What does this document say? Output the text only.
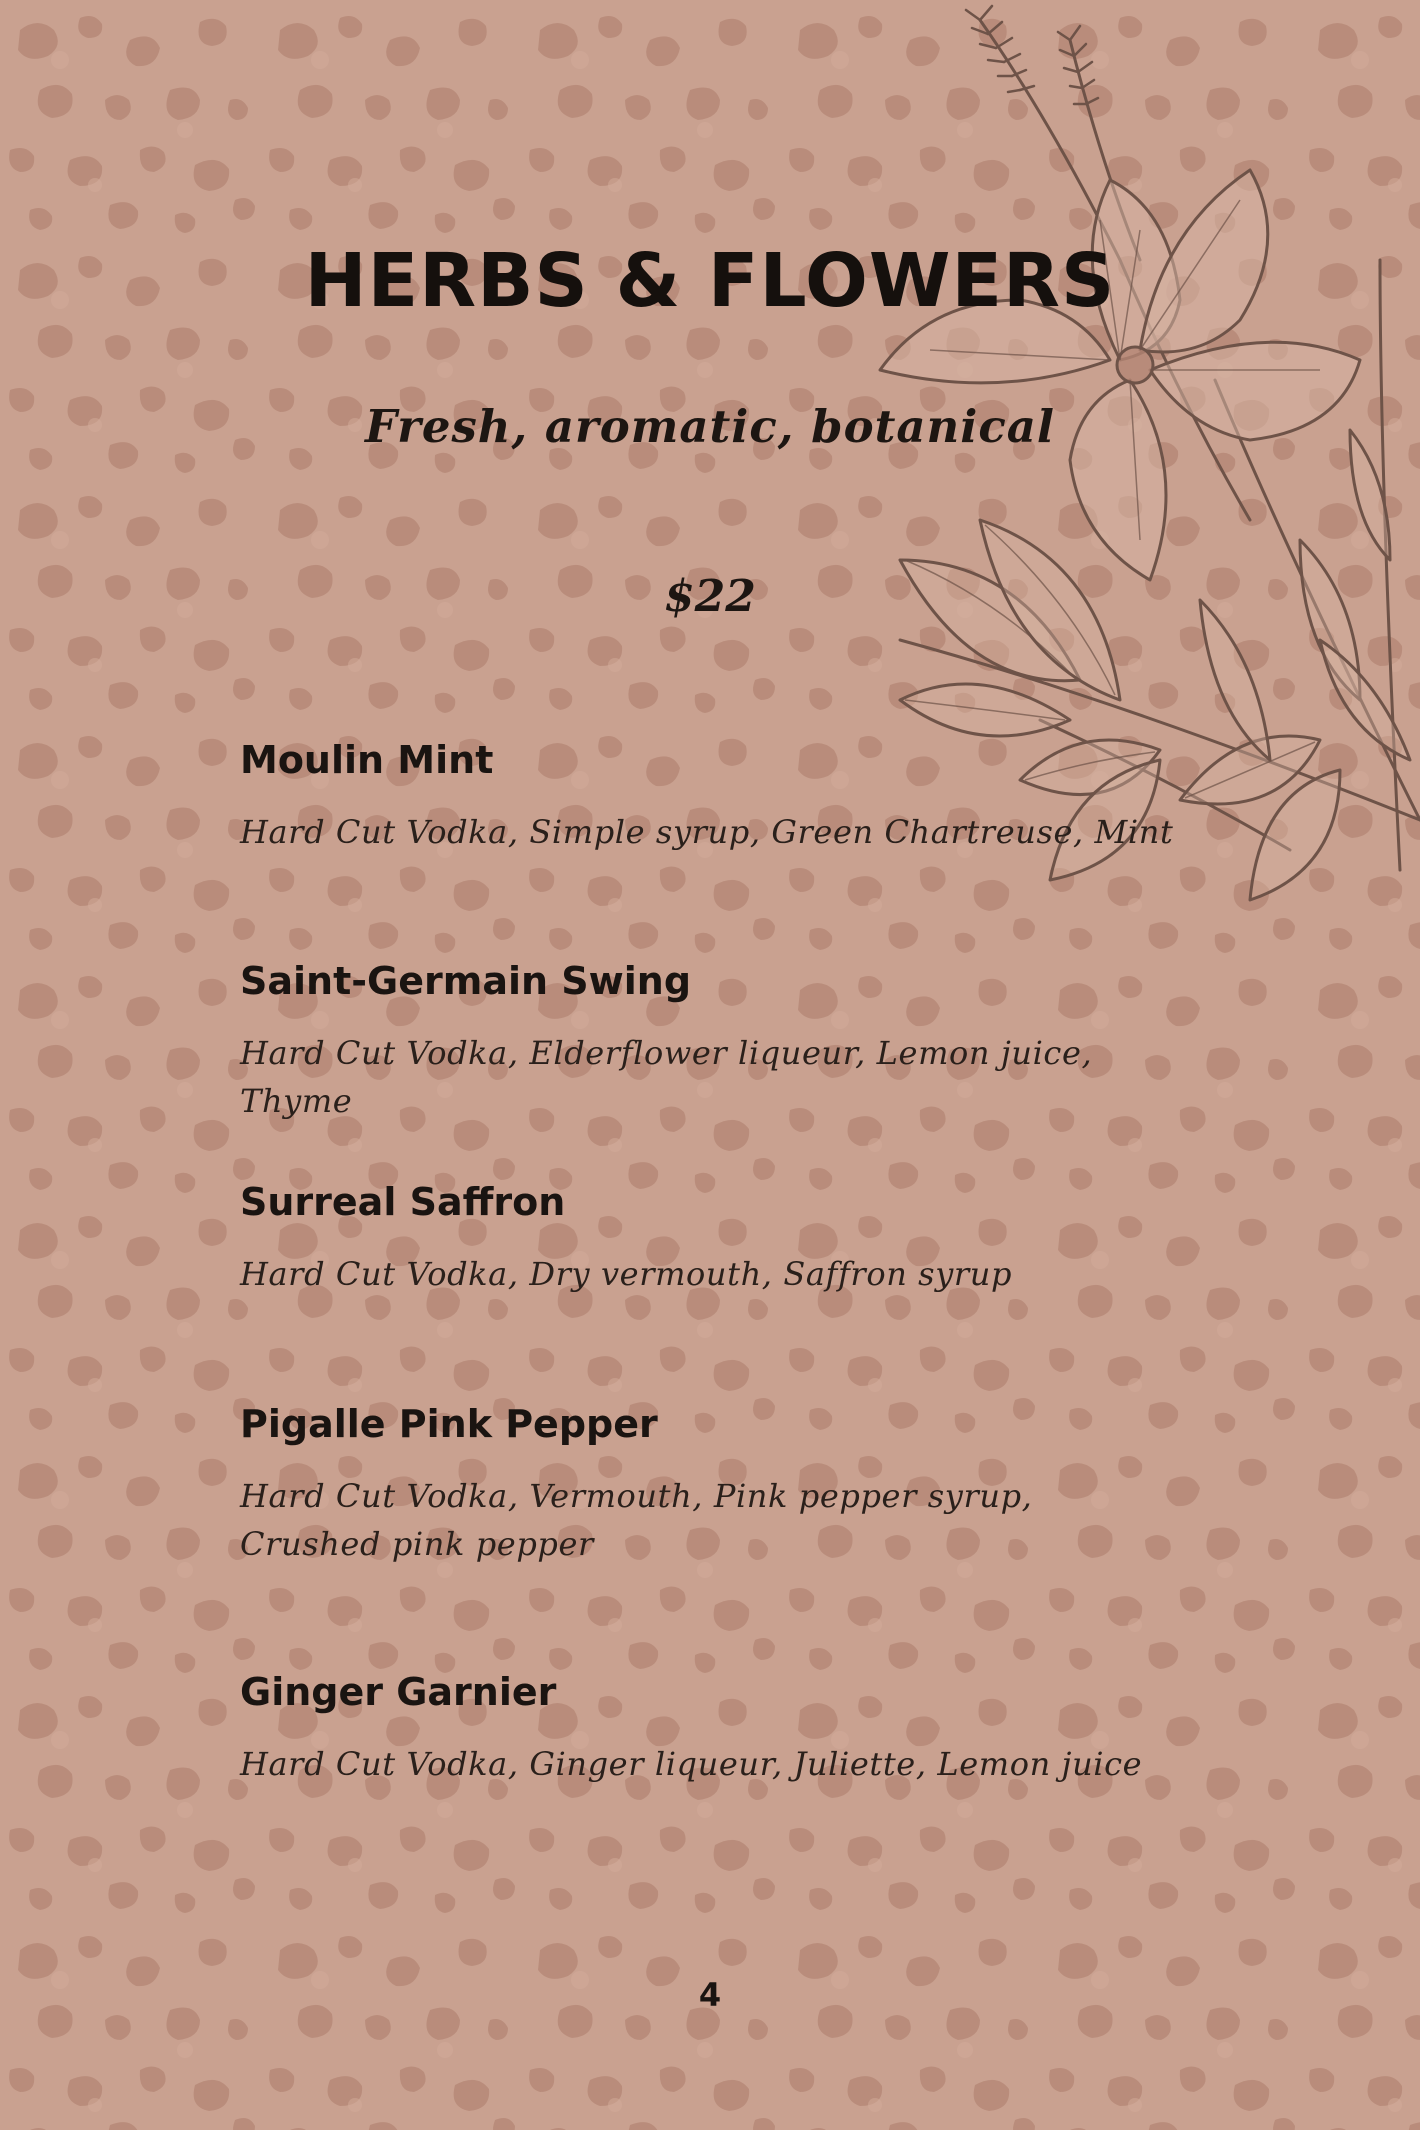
HERBS & FLOWERS
Fresh, aromatic, botanical
$22
Moulin Mint
Hard Cut Vodka, Simple syrup, Green Chartreuse, Mint
Saint-Germain Swing
Hard Cut Vodka, Elderflower liqueur, Lemon juice, Thyme
Surreal Saffron
Hard Cut Vodka, Dry vermouth, Saffron syrup
Pigalle Pink Pepper
Hard Cut Vodka, Vermouth, Pink pepper syrup, Crushed pink pepper
Ginger Garnier
Hard Cut Vodka, Ginger liqueur, Juliette, Lemon juice
4
